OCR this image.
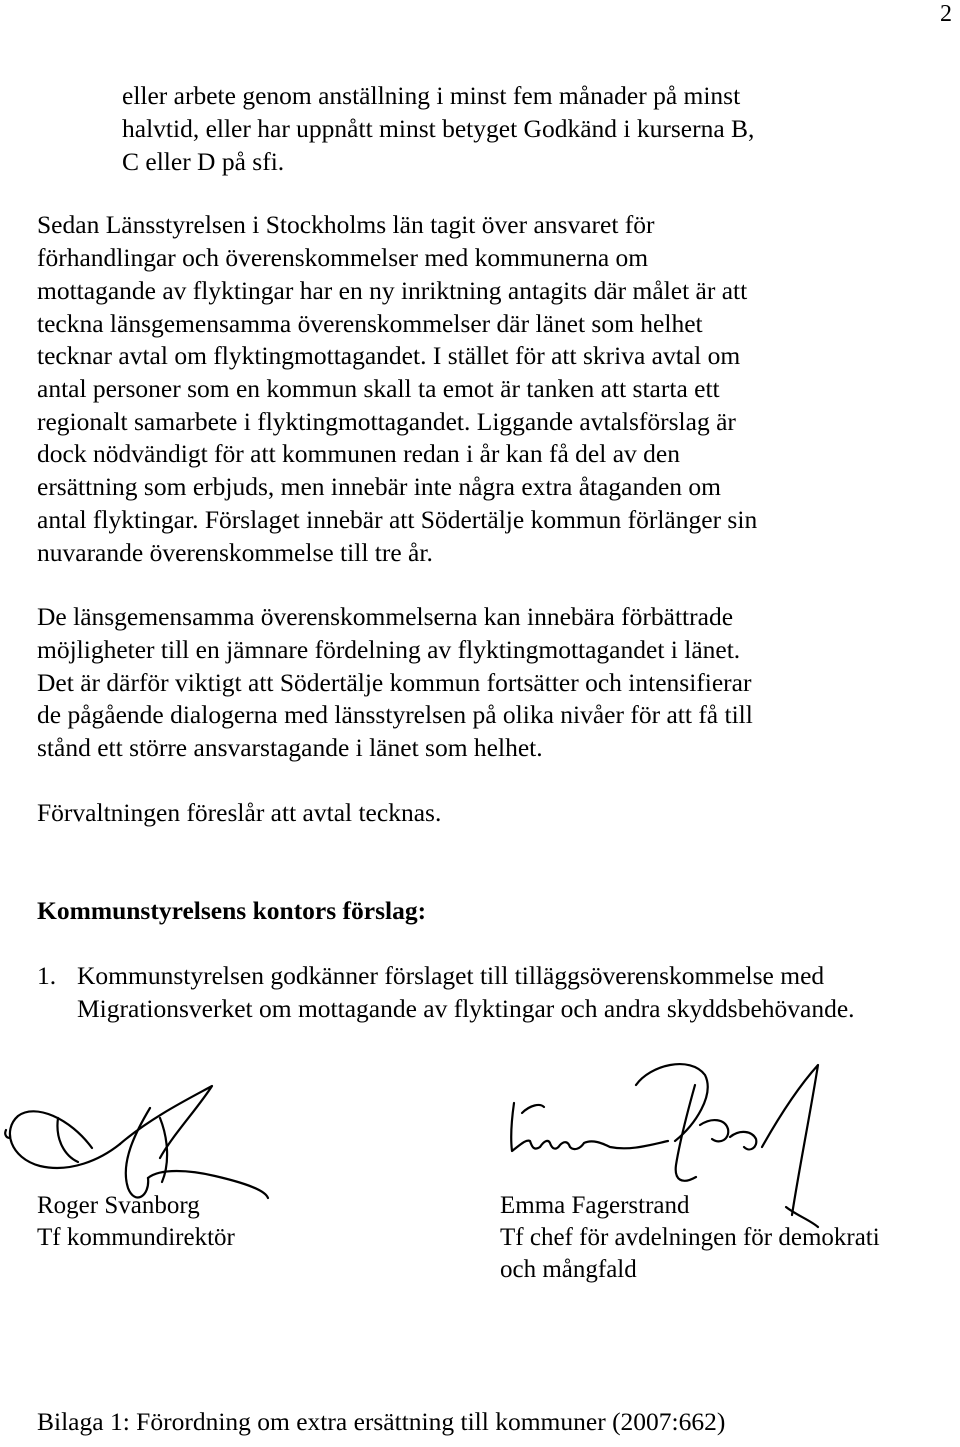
2
eller arbete genom anställning i minst fem månader på minst
halvtid, eller har uppnått minst betyget Godkänd i kurserna B,
C eller D på sfi.
Sedan Länsstyrelsen i Stockholms län tagit över ansvaret för
förhandlingar och överenskommelser med kommunerna om
mottagande av flyktingar har en ny inriktning antagits där målet är att
teckna länsgemensamma överenskommelser där länet som helhet
tecknar avtal om flyktingmottagandet. I stället för att skriva avtal om
antal personer som en kommun skall ta emot är tanken att starta ett
regionalt samarbete i flyktingmottagandet. Liggande avtalsförslag är
dock nödvändigt för att kommunen redan i år kan få del av den
ersättning som erbjuds, men innebär inte några extra åtaganden om
antal flyktingar. Förslaget innebär att Södertälje kommun förlänger sin
nuvarande överenskommelse till tre år.
De länsgemensamma överenskommelserna kan innebära förbättrade
möjligheter till en jämnare fördelning av flyktingmottagandet i länet.
Det är därför viktigt att Södertälje kommun fortsätter och intensifierar
de pågående dialogerna med länsstyrelsen på olika nivåer för att få till
stånd ett större ansvarstagande i länet som helhet.
Förvaltningen föreslår att avtal tecknas.
Kommunstyrelsens kontors förslag:
1. Kommunstyrelsen godkänner förslaget till tilläggsöverenskommelse med
Migrationsverket om mottagande av flyktingar och andra skyddsbehövande.
Roger Svanborg
Tf kommundirektör
Emma Fagerstrand
Tf chef för avdelningen för demokrati
och mångfald
Bilaga 1: Förordning om extra ersättning till kommuner (2007:662)
